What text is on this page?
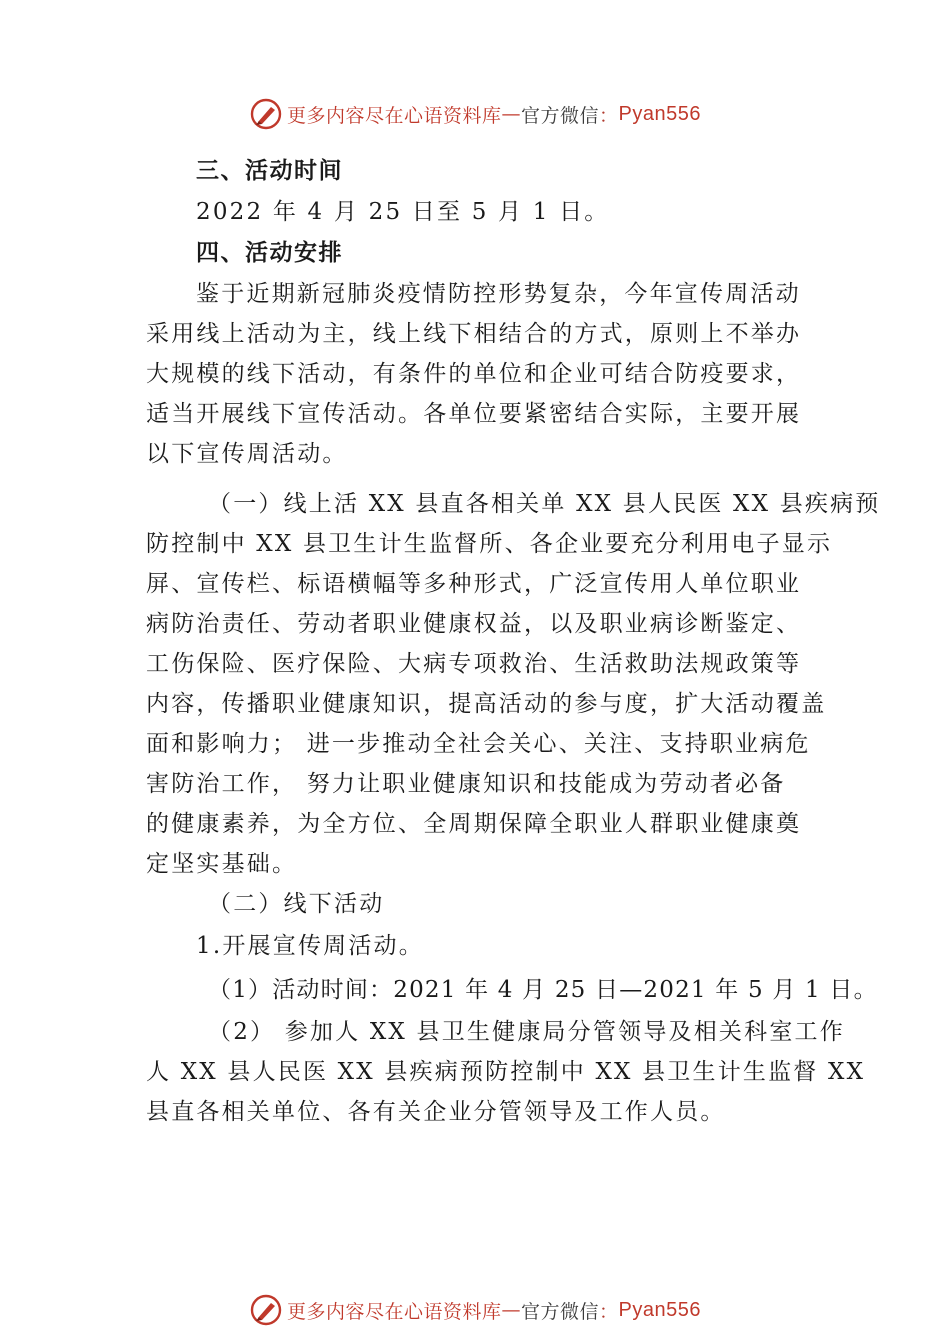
更多内容尽在心语资料库 — 官方微信 ： Pyan556
三、活动时间
2022 年 4 月 25 日至 5 月 1 日。
四、活动安排
鉴于近期新冠肺炎疫情防控形势复杂，今年宣传周活动
采用线上活动为主，线上线下相结合的方式，原则上不举办
大规模的线下活动，有条件的单位和企业可结合防疫要求，
适当开展线下宣传活动。各单位要紧密结合实际，主要开展
以下宣传周活动。
（一）线上活 XX 县直各相关单 XX 县人民医 XX 县疾病预
防控制中 XX 县卫生计生监督所、各企业要充分利用电子显示
屏、宣传栏、标语横幅等多种形式，广泛宣传用人单位职业
病防治责任、劳动者职业健康权益，以及职业病诊断鉴定、
工伤保险、医疗保险、大病专项救治、生活救助法规政策等
内容，传播职业健康知识，提高活动的参与度，扩大活动覆盖
面和影响力； 进一步推动全社会关心、关注、支持职业病危
害防治工作， 努力让职业健康知识和技能成为劳动者必备
的健康素养，为全方位、全周期保障全职业人群职业健康奠
定坚实基础。
（二）线下活动
1.开展宣传周活动。
（1）活动时间：2021 年 4 月 25 日—2021 年 5 月 1 日。
（2） 参加人 XX 县卫生健康局分管领导及相关科室工作
人 XX 县人民医 XX 县疾病预防控制中 XX 县卫生计生监督 XX
县直各相关单位、各有关企业分管领导及工作人员。
更多内容尽在心语资料库 — 官方微信 ： Pyan556
